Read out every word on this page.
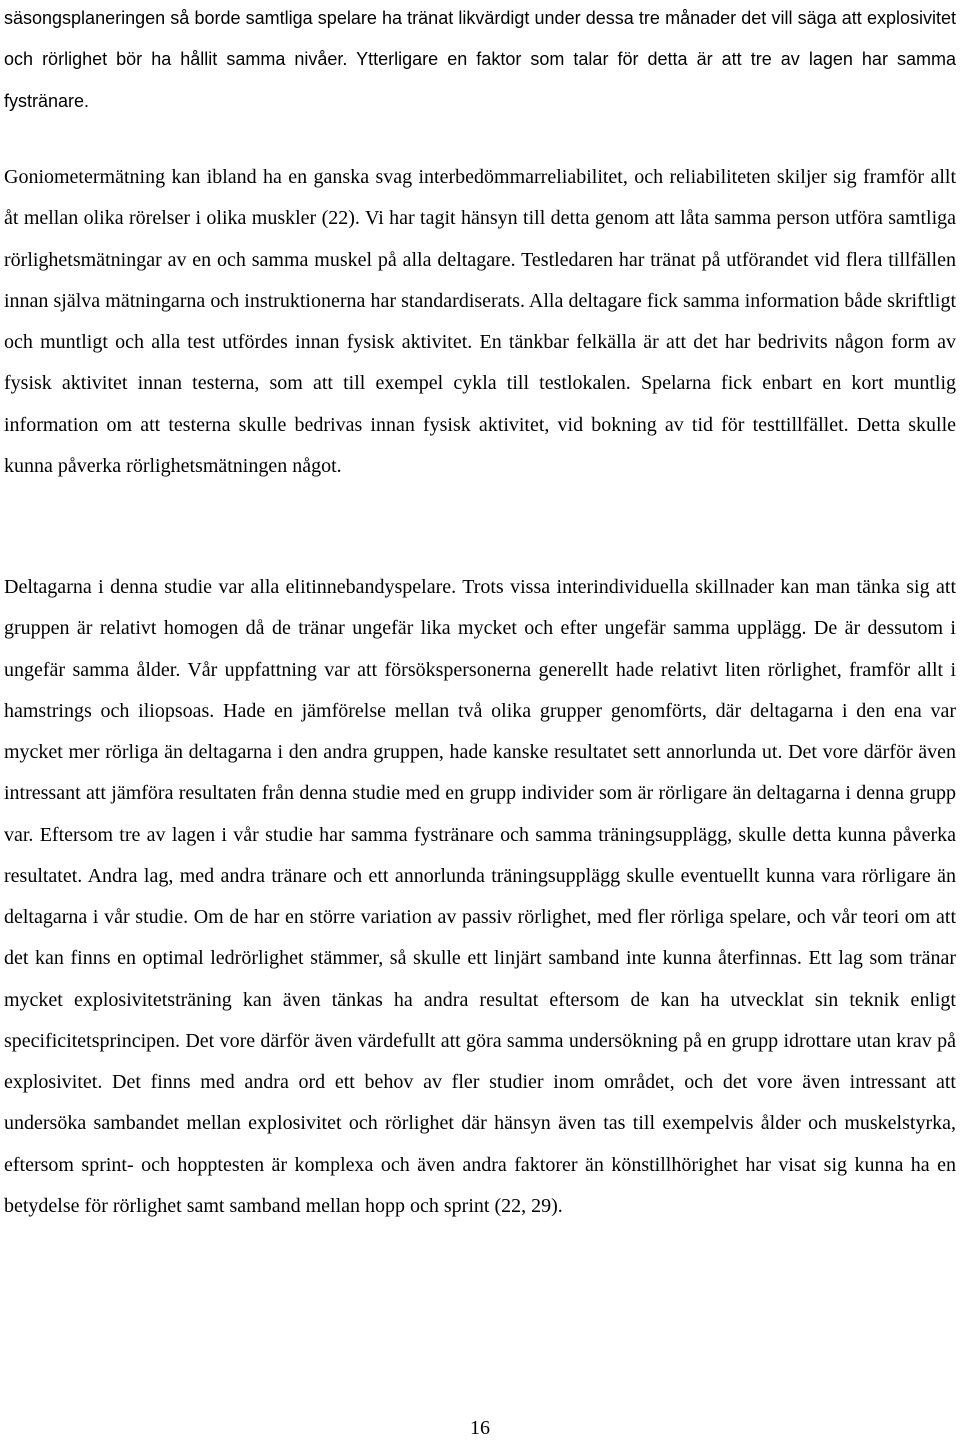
säsongsplaneringen så borde samtliga spelare ha tränat likvärdigt under dessa tre månader det vill säga att explosivitet och rörlighet bör ha hållit samma nivåer. Ytterligare en faktor som talar för detta är att tre av lagen har samma fystränare.

Goniometermätning kan ibland ha en ganska svag interbedömmarreliabilitet, och reliabiliteten skiljer sig framför allt åt mellan olika rörelser i olika muskler (22). Vi har tagit hänsyn till detta genom att låta samma person utföra samtliga rörlighetsmätningar av en och samma muskel på alla deltagare. Testledaren har tränat på utförandet vid flera tillfällen innan själva mätningarna och instruktionerna har standardiserats. Alla deltagare fick samma information både skriftligt och muntligt och alla test utfördes innan fysisk aktivitet. En tänkbar felkälla är att det har bedrivits någon form av fysisk aktivitet innan testerna, som att till exempel cykla till testlokalen. Spelarna fick enbart en kort muntlig information om att testerna skulle bedrivas innan fysisk aktivitet, vid bokning av tid för testtillfället. Detta skulle kunna påverka rörlighetsmätningen något.

Deltagarna i denna studie var alla elitinnebandyspelare. Trots vissa interindividuella skillnader kan man tänka sig att gruppen är relativt homogen då de tränar ungefär lika mycket och efter ungefär samma upplägg. De är dessutom i ungefär samma ålder. Vår uppfattning var att försökspersonerna generellt hade relativt liten rörlighet, framför allt i hamstrings och iliopsoas. Hade en jämförelse mellan två olika grupper genomförts, där deltagarna i den ena var mycket mer rörliga än deltagarna i den andra gruppen, hade kanske resultatet sett annorlunda ut. Det vore därför även intressant att jämföra resultaten från denna studie med en grupp individer som är rörligare än deltagarna i denna grupp var. Eftersom tre av lagen i vår studie har samma fystränare och samma träningsupplägg, skulle detta kunna påverka resultatet. Andra lag, med andra tränare och ett annorlunda träningsupplägg skulle eventuellt kunna vara rörligare än deltagarna i vår studie. Om de har en större variation av passiv rörlighet, med fler rörliga spelare, och vår teori om att det kan finns en optimal ledrörlighet stämmer, så skulle ett linjärt samband inte kunna återfinnas. Ett lag som tränar mycket explosivitetsträning kan även tänkas ha andra resultat eftersom de kan ha utvecklat sin teknik enligt specificitetsprincipen. Det vore därför även värdefullt att göra samma undersökning på en grupp idrottare utan krav på explosivitet. Det finns med andra ord ett behov av fler studier inom området, och det vore även intressant att undersöka sambandet mellan explosivitet och rörlighet där hänsyn även tas till exempelvis ålder och muskelstyrka, eftersom sprint- och hopptesten är komplexa och även andra faktorer än könstillhörighet har visat sig kunna ha en betydelse för rörlighet samt samband mellan hopp och sprint (22, 29).

16
